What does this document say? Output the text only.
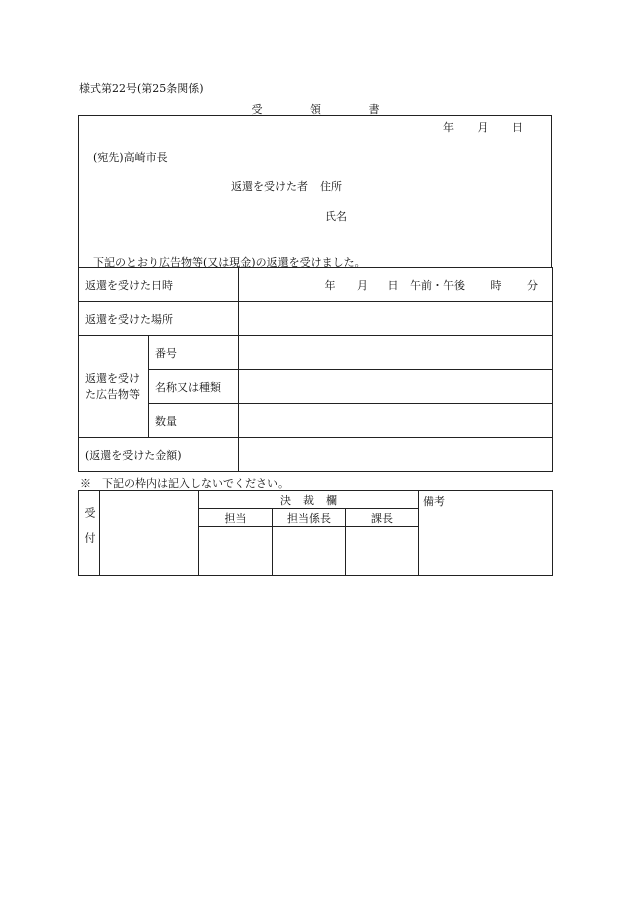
様式第22号(第25条関係)
受	領	書
年 月 日
(宛先)高崎市長
返還を受けた者 住所
氏名
下記のとおり広告物等(又は現金)の返還を受けました。
返還を受けた日時		年 月 日 午前・午後 時 分
返還を受けた場所		
返還を受けた広告物等	番号	
	名称又は種類	
	数量	
(返還を受けた金額)		
※　下記の枠内は記入しないでください。
受付		決 裁 欄			備考
		担当	担当係長	課長	
